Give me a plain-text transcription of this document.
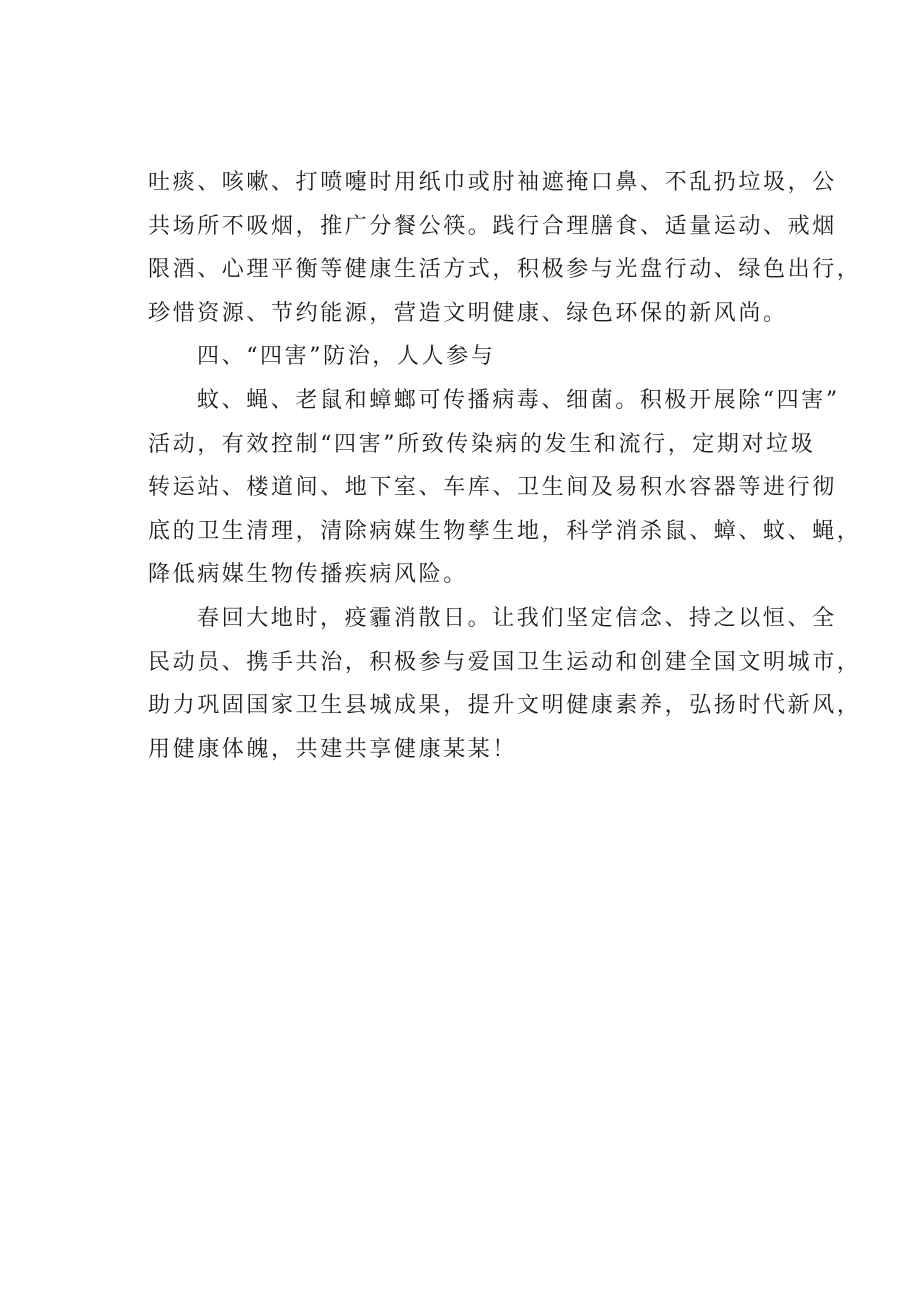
吐痰、咳嗽、打喷嚏时用纸巾或肘袖遮掩口鼻、不乱扔垃圾，公
共场所不吸烟，推广分餐公筷。践行合理膳食、适量运动、戒烟
限酒、心理平衡等健康生活方式，积极参与光盘行动、绿色出行，
珍惜资源、节约能源，营造文明健康、绿色环保的新风尚。
四、“四害”防治，人人参与
蚊、蝇、老鼠和蟑螂可传播病毒、细菌。积极开展除“四害”
活动，有效控制“四害”所致传染病的发生和流行，定期对垃圾
转运站、楼道间、地下室、车库、卫生间及易积水容器等进行彻
底的卫生清理，清除病媒生物孳生地，科学消杀鼠、蟑、蚊、蝇，
降低病媒生物传播疾病风险。
春回大地时，疫霾消散日。让我们坚定信念、持之以恒、全
民动员、携手共治，积极参与爱国卫生运动和创建全国文明城市，
助力巩固国家卫生县城成果，提升文明健康素养，弘扬时代新风，
用健康体魄，共建共享健康某某！
